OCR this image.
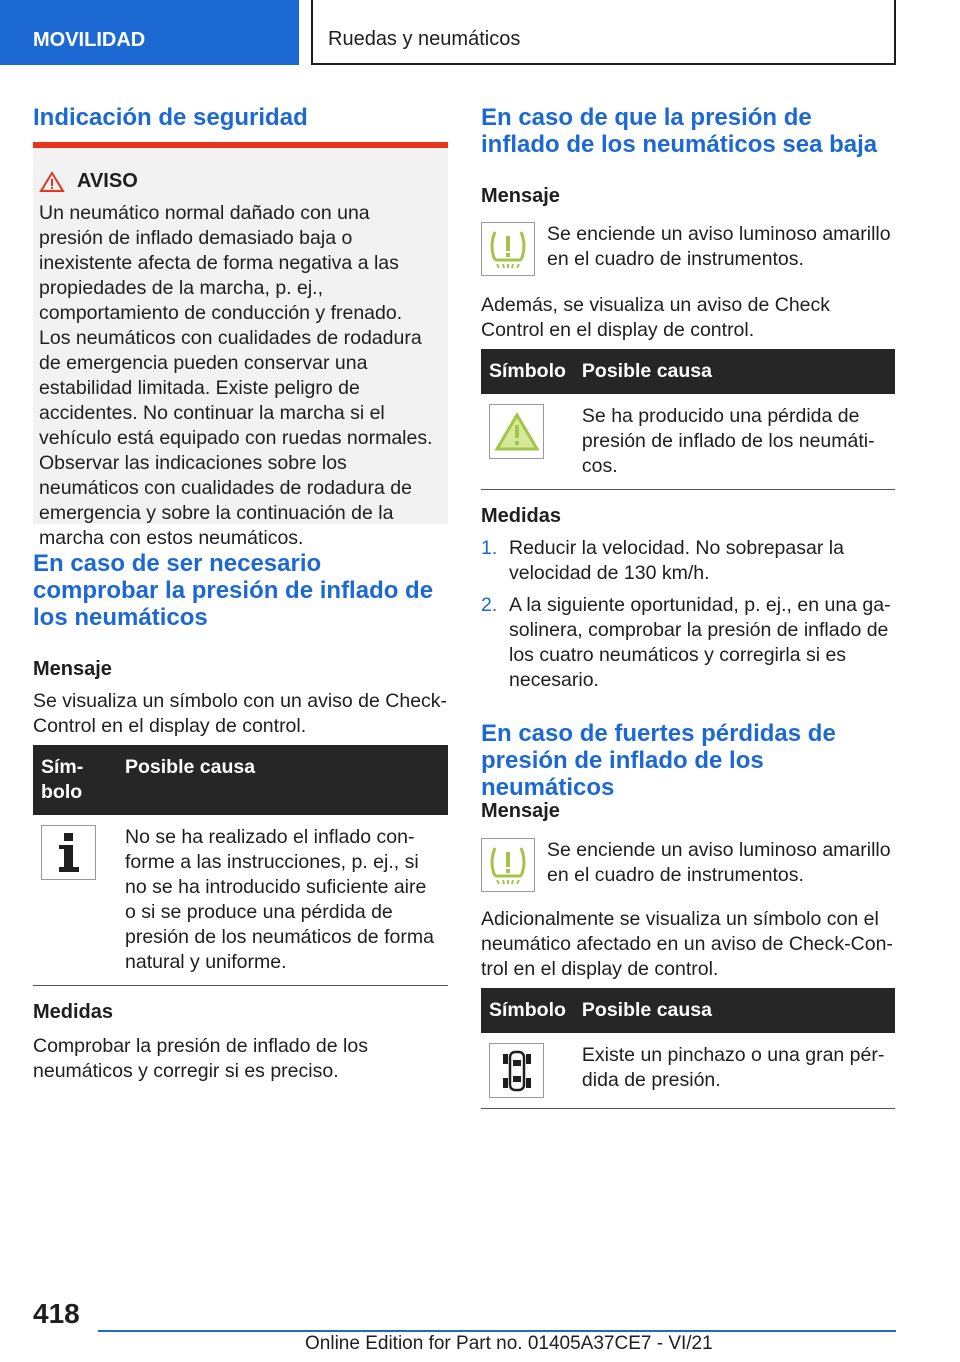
MOVILIDAD	Ruedas y neumáticos
Indicación de seguridad
AVISO

Un neumático normal dañado con una presión de inflado demasiado baja o inexistente afecta de forma negativa a las propiedades de la marcha, p. ej., comportamiento de conducción y frenado. Los neumáticos con cualidades de rodadura de emergencia pueden conservar una estabilidad limitada. Existe peligro de accidentes. No continuar la marcha si el vehículo está equipado con ruedas normales. Observar las indicaciones sobre los neumáticos con cualidades de rodadura de emergencia y sobre la continuación de la marcha con estos neumáticos.

En caso de ser necesario comprobar la presión de inflado de los neumáticos
Mensaje

Se visualiza un símbolo con un aviso de Check-Control en el display de control.

Símbolo	Posible causa

	No se ha realizado el inflado conforme a las instrucciones, p. ej., si no se ha introducido suficiente aire o si se produce una pérdida de presión de los neumáticos de forma natural y uniforme.
Medidas

Comprobar la presión de inflado de los neumáticos y corregir si es preciso.

En caso de que la presión de inflado de los neumáticos sea baja
Mensaje

Se enciende un aviso luminoso amarillo en el cuadro de instrumentos.

Además, se visualiza un aviso de Check Control en el display de control.

Símbolo	Posible causa

	Se ha producido una pérdida de presión de inflado de los neumáticos.
Medidas
1. Reducir la velocidad. No sobrepasar la velocidad de 130 km/h.
2. A la siguiente oportunidad, p. ej., en una gasolinera, comprobar la presión de inflado de los cuatro neumáticos y corregirla si es necesario.
En caso de fuertes pérdidas de presión de inflado de los neumáticos
Mensaje

Se enciende un aviso luminoso amarillo en el cuadro de instrumentos.

Adicionalmente se visualiza un símbolo con el neumático afectado en un aviso de Check-Control en el display de control.

Símbolo	Posible causa

	Existe un pinchazo o una gran pérdida de presión.
418
Online Edition for Part no. 01405A37CE7 - VI/21
